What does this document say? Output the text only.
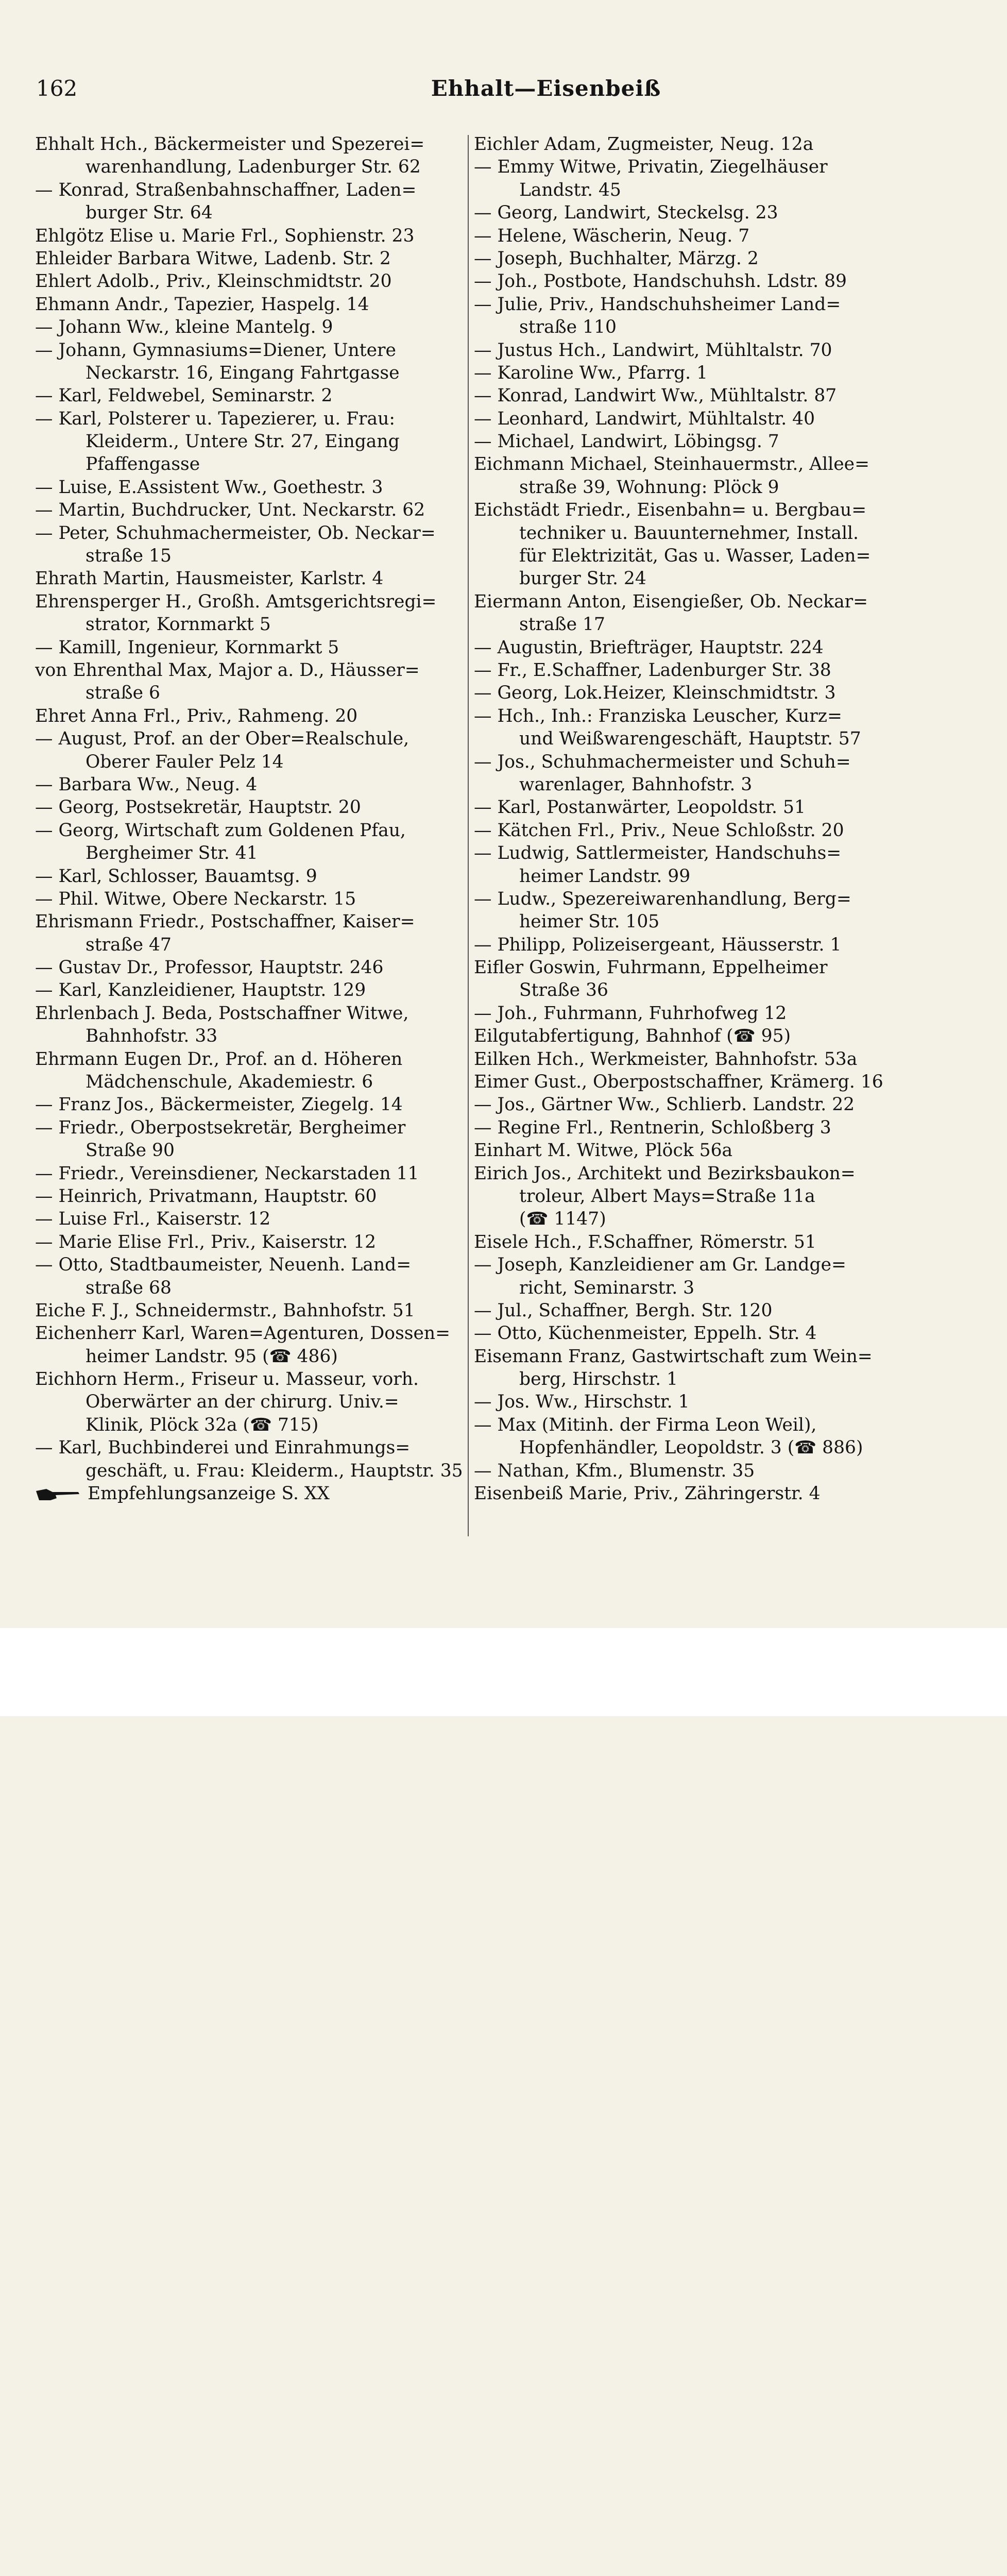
162	Ehhalt—Eisenbeiß
Ehhalt Hch., Bäckermeister und Spezerei=
warenhandlung, Ladenburger Str. 62
— Konrad, Straßenbahnschaffner, Laden=
burger Str. 64
Ehlgötz Elise u. Marie Frl., Sophienstr. 23
Ehleider Barbara Witwe, Ladenb. Str. 2
Ehlert Adolb., Priv., Kleinschmidtstr. 20
Ehmann Andr., Tapezier, Haspelg. 14
— Johann Ww., kleine Mantelg. 9
— Johann, Gymnasiums=Diener, Untere
Neckarstr. 16, Eingang Fahrtgasse
— Karl, Feldwebel, Seminarstr. 2
— Karl, Polsterer u. Tapezierer, u. Frau:
Kleiderm., Untere Str. 27, Eingang
Pfaffengasse
— Luise, E.Assistent Ww., Goethestr. 3
— Martin, Buchdrucker, Unt. Neckarstr. 62
— Peter, Schuhmachermeister, Ob. Neckar=
straße 15
Ehrath Martin, Hausmeister, Karlstr. 4
Ehrensperger H., Großh. Amtsgerichtsregi=
strator, Kornmarkt 5
— Kamill, Ingenieur, Kornmarkt 5
von Ehrenthal Max, Major a. D., Häusser=
straße 6
Ehret Anna Frl., Priv., Rahmeng. 20
— August, Prof. an der Ober=Realschule,
Oberer Fauler Pelz 14
— Barbara Ww., Neug. 4
— Georg, Postsekretär, Hauptstr. 20
— Georg, Wirtschaft zum Goldenen Pfau,
Bergheimer Str. 41
— Karl, Schlosser, Bauamtsg. 9
— Phil. Witwe, Obere Neckarstr. 15
Ehrismann Friedr., Postschaffner, Kaiser=
straße 47
— Gustav Dr., Professor, Hauptstr. 246
— Karl, Kanzleidiener, Hauptstr. 129
Ehrlenbach J. Beda, Postschaffner Witwe,
Bahnhofstr. 33
Ehrmann Eugen Dr., Prof. an d. Höheren
Mädchenschule, Akademiestr. 6
— Franz Jos., Bäckermeister, Ziegelg. 14
— Friedr., Oberpostsekretär, Bergheimer
Straße 90
— Friedr., Vereinsdiener, Neckarstaden 11
— Heinrich, Privatmann, Hauptstr. 60
— Luise Frl., Kaiserstr. 12
— Marie Elise Frl., Priv., Kaiserstr. 12
— Otto, Stadtbaumeister, Neuenh. Land=
straße 68
Eiche F. J., Schneidermstr., Bahnhofstr. 51
Eichenherr Karl, Waren=Agenturen, Dossen=
heimer Landstr. 95 (☎ 486)
Eichhorn Herm., Friseur u. Masseur, vorh.
Oberwärter an der chirurg. Univ.=
Klinik, Plöck 32a (☎ 715)
— Karl, Buchbinderei und Einrahmungs=
geschäft, u. Frau: Kleiderm., Hauptstr. 35
Empfehlungsanzeige S. XX
Eichler Adam, Zugmeister, Neug. 12a
— Emmy Witwe, Privatin, Ziegelhäuser
Landstr. 45
— Georg, Landwirt, Steckelsg. 23
— Helene, Wäscherin, Neug. 7
— Joseph, Buchhalter, Märzg. 2
— Joh., Postbote, Handschuhsh. Ldstr. 89
— Julie, Priv., Handschuhsheimer Land=
straße 110
— Justus Hch., Landwirt, Mühltalstr. 70
— Karoline Ww., Pfarrg. 1
— Konrad, Landwirt Ww., Mühltalstr. 87
— Leonhard, Landwirt, Mühltalstr. 40
— Michael, Landwirt, Löbingsg. 7
Eichmann Michael, Steinhauermstr., Allee=
straße 39, Wohnung: Plöck 9
Eichstädt Friedr., Eisenbahn= u. Bergbau=
techniker u. Bauunternehmer, Install.
für Elektrizität, Gas u. Wasser, Laden=
burger Str. 24
Eiermann Anton, Eisengießer, Ob. Neckar=
straße 17
— Augustin, Briefträger, Hauptstr. 224
— Fr., E.Schaffner, Ladenburger Str. 38
— Georg, Lok.Heizer, Kleinschmidtstr. 3
— Hch., Inh.: Franziska Leuscher, Kurz=
und Weißwarengeschäft, Hauptstr. 57
— Jos., Schuhmachermeister und Schuh=
warenlager, Bahnhofstr. 3
— Karl, Postanwärter, Leopoldstr. 51
— Kätchen Frl., Priv., Neue Schloßstr. 20
— Ludwig, Sattlermeister, Handschuhs=
heimer Landstr. 99
— Ludw., Spezereiwarenhandlung, Berg=
heimer Str. 105
— Philipp, Polizeisergeant, Häusserstr. 1
Eifler Goswin, Fuhrmann, Eppelheimer
Straße 36
— Joh., Fuhrmann, Fuhrhofweg 12
Eilgutabfertigung, Bahnhof (☎ 95)
Eilken Hch., Werkmeister, Bahnhofstr. 53a
Eimer Gust., Oberpostschaffner, Krämerg. 16
— Jos., Gärtner Ww., Schlierb. Landstr. 22
— Regine Frl., Rentnerin, Schloßberg 3
Einhart M. Witwe, Plöck 56a
Eirich Jos., Architekt und Bezirksbaukon=
troleur, Albert Mays=Straße 11a
(☎ 1147)
Eisele Hch., F.Schaffner, Römerstr. 51
— Joseph, Kanzleidiener am Gr. Landge=
richt, Seminarstr. 3
— Jul., Schaffner, Bergh. Str. 120
— Otto, Küchenmeister, Eppelh. Str. 4
Eisemann Franz, Gastwirtschaft zum Wein=
berg, Hirschstr. 1
— Jos. Ww., Hirschstr. 1
— Max (Mitinh. der Firma Leon Weil),
Hopfenhändler, Leopoldstr. 3 (☎ 886)
— Nathan, Kfm., Blumenstr. 35
Eisenbeiß Marie, Priv., Zähringerstr. 4
